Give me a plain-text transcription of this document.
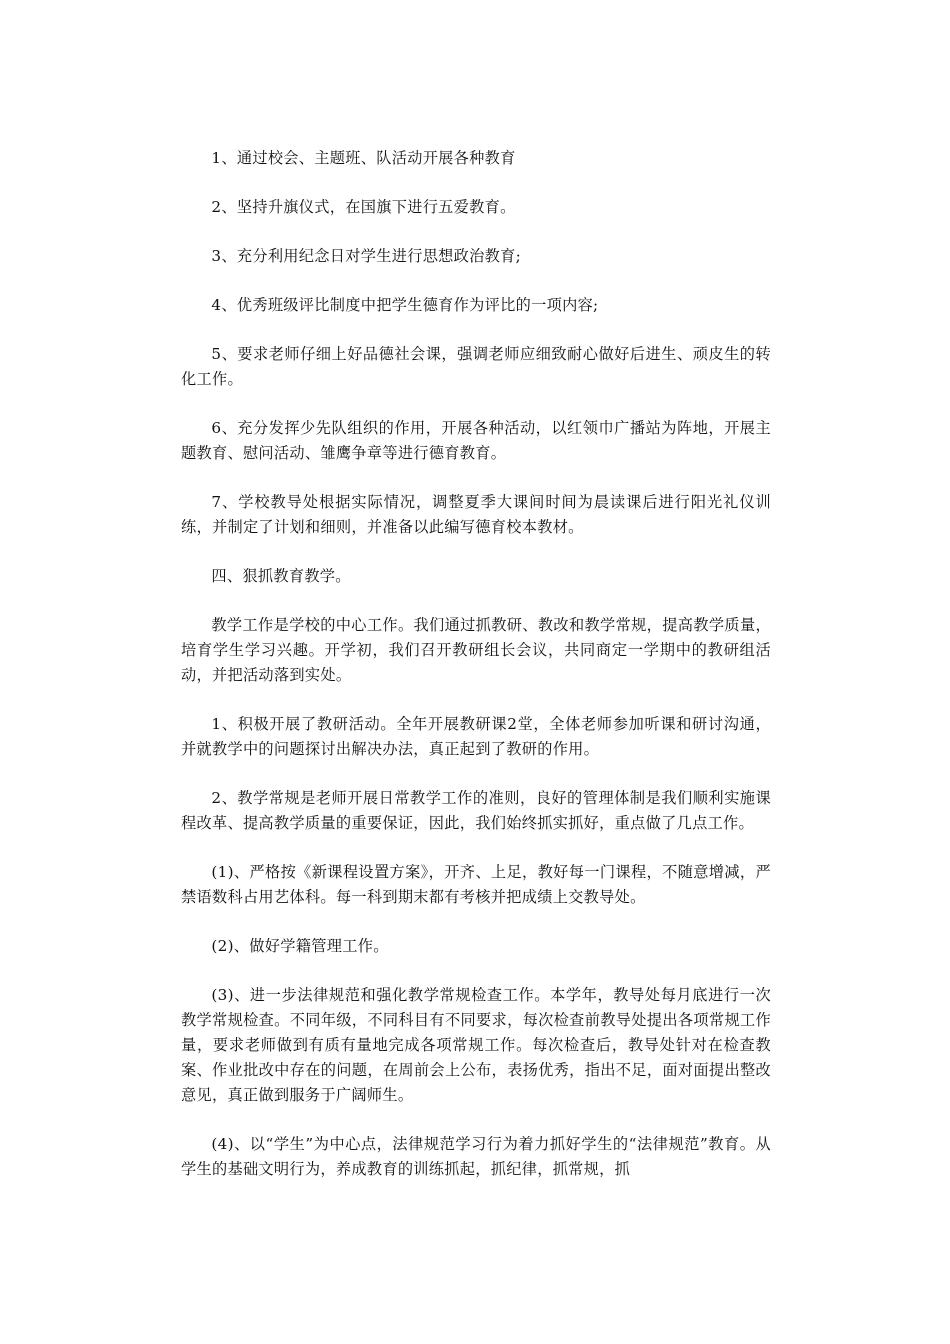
1、通过校会、主题班、队活动开展各种教育

2、坚持升旗仪式，在国旗下进行五爱教育。

3、充分利用纪念日对学生进行思想政治教育;

4、优秀班级评比制度中把学生德育作为评比的一项内容;

5、要求老师仔细上好品德社会课，强调老师应细致耐心做好后进生、顽皮生的转化工作。

6、充分发挥少先队组织的作用，开展各种活动，以红领巾广播站为阵地，开展主题教育、慰问活动、雏鹰争章等进行德育教育。

7、学校教导处根据实际情况，调整夏季大课间时间为晨读课后进行阳光礼仪训练，并制定了计划和细则，并准备以此编写德育校本教材。

四、狠抓教育教学。

教学工作是学校的中心工作。我们通过抓教研、教改和教学常规，提高教学质量，培育学生学习兴趣。开学初，我们召开教研组长会议，共同商定一学期中的教研组活动，并把活动落到实处。

1、积极开展了教研活动。全年开展教研课2堂，全体老师参加听课和研讨沟通，并就教学中的问题探讨出解决办法，真正起到了教研的作用。

2、教学常规是老师开展日常教学工作的准则，良好的管理体制是我们顺利实施课程改革、提高教学质量的重要保证，因此，我们始终抓实抓好，重点做了几点工作。

(1)、严格按《新课程设置方案》，开齐、上足，教好每一门课程，不随意增减，严禁语数科占用艺体科。每一科到期末都有考核并把成绩上交教导处。

(2)、做好学籍管理工作。

(3)、进一步法律规范和强化教学常规检查工作。本学年，教导处每月底进行一次教学常规检查。不同年级，不同科目有不同要求，每次检查前教导处提出各项常规工作量，要求老师做到有质有量地完成各项常规工作。每次检查后，教导处针对在检查教案、作业批改中存在的问题，在周前会上公布，表扬优秀，指出不足，面对面提出整改意见，真正做到服务于广阔师生。

(4)、以“学生”为中心点，法律规范学习行为着力抓好学生的“法律规范”教育。从学生的基础文明行为，养成教育的训练抓起，抓纪律，抓常规，抓
